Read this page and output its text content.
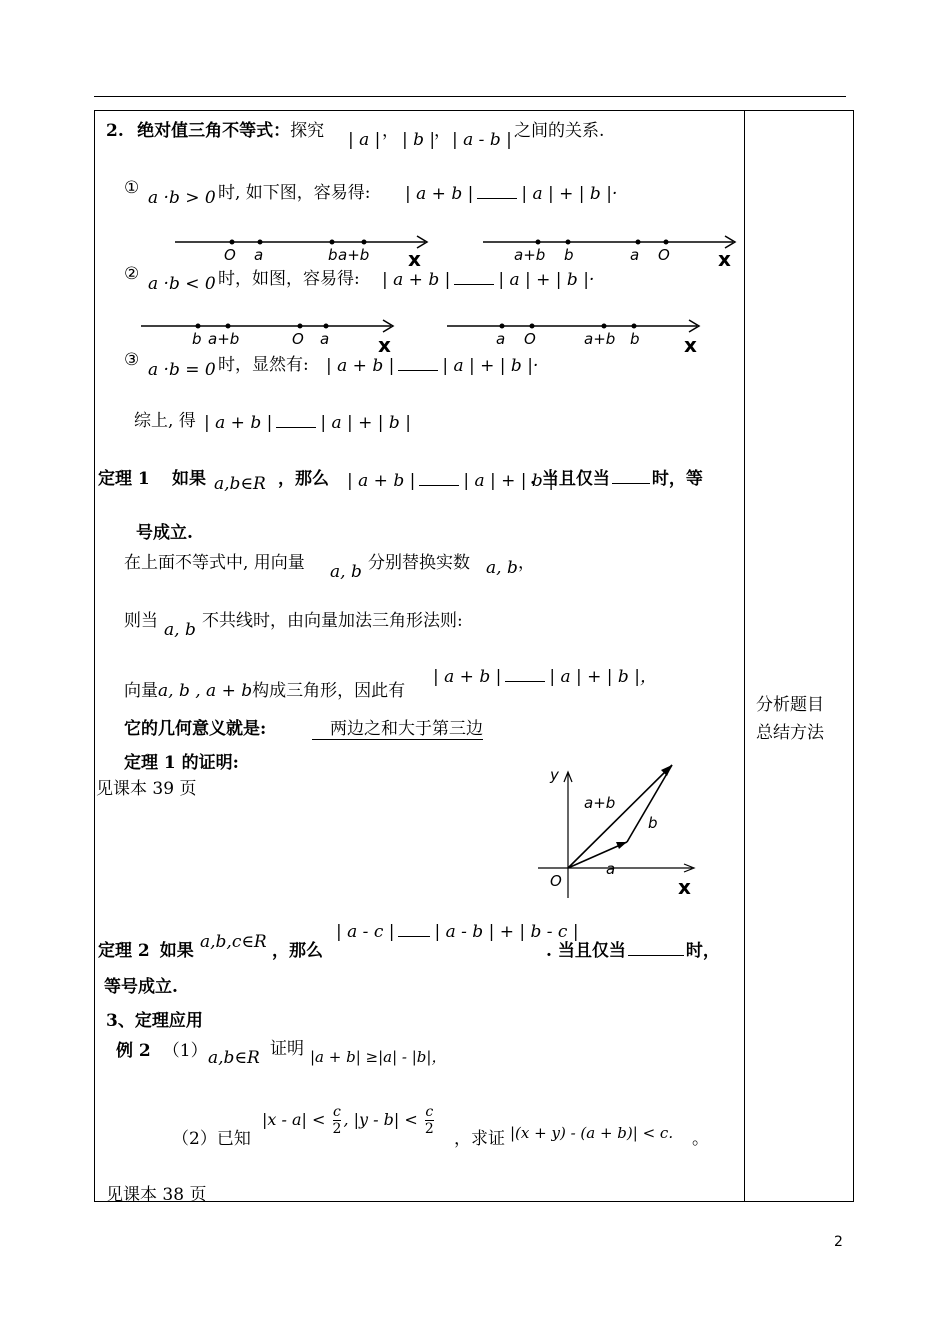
2. 绝对值三角不等式：探究 | a | ， | b |
， | a - b | 之间的关系.
① a ·b > 0 时, 如下图，容易得: | a + b |	| a | + | b |·
O a	b a+b x	a+b b	a O x
② a ·b < 0 时，如图，容易得: | a + b |	| a | + | b |·
b a+b	O a x	a O	a+b b x
③ a ·b = 0 时，显然有: | a + b |	| a | + | b |·
综上, 得 | a + b |	| a | + | b |
定理 1 如果 a,b∈R ，那么 | a + b |	| a | + | b |
. 当且仅当 时，等
号成立.
在上面不等式中, 用向量 a, b 分别替换实数 a, b ，
则当 a, b 不共线时，由向量加法三角形法则:
向量a, b , a + b构成三角形，因此有
| a + b |	| a | + | b |，
它的几何意义就是:	两边之和大于第三边
定理 1 的证明:
见课本 39 页
y
x
O
a+b
b
a
定理 2 如果 a,b,c∈R ，那么
| a - c | | a - b | + | b - c |
. 当且仅当	时，
等号成立.
3、定理应用
例 2 （1） a,b∈R 证明 |a + b| ≥|a| - |b|，
（2）已知
$|x - a| < \frac{c}{2}$ , $|y - b| < \frac{c}{2}$
，求证 |(x + y) - (a + b)| < c. 。
见课本 38 页
分析题目
总结方法
2
